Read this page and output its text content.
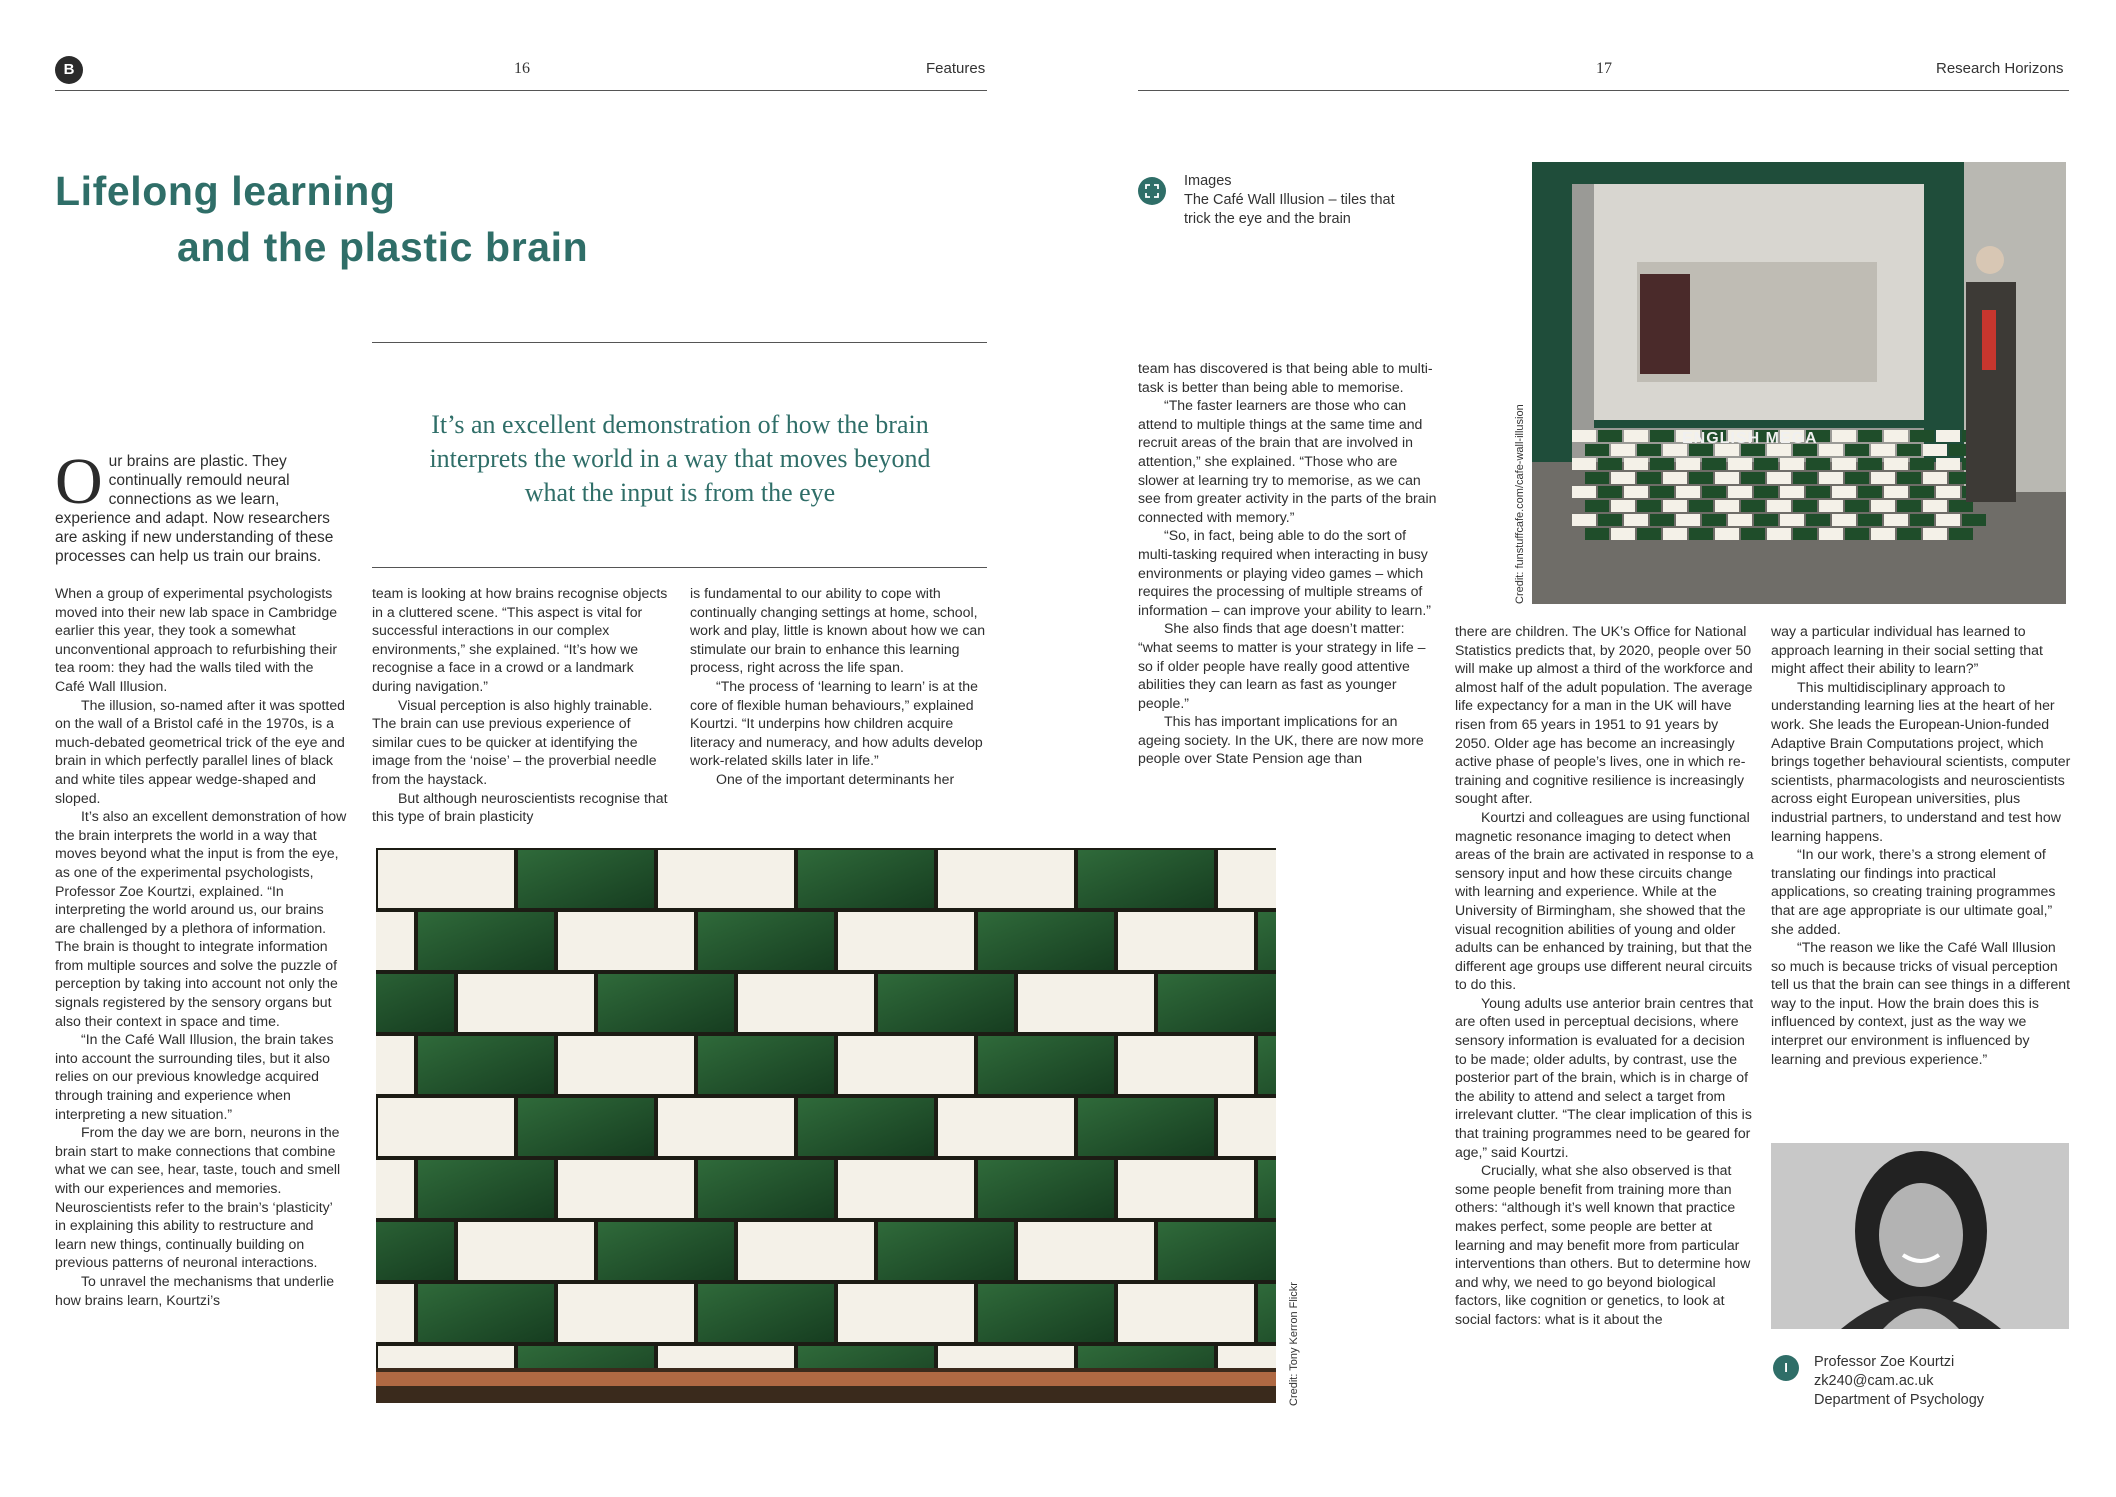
B	16	Features	17	Research Horizons
Lifelong learning
and the plastic brain
It’s an excellent demonstration of how the brain interprets the world in a way that moves beyond what the input is from the eye
O ur brains are plastic. They continually remould neural connections as we learn, experience and adapt. Now researchers are asking if new understanding of these processes can help us train our brains.

When a group of experimental psychologists moved into their new lab space in Cambridge earlier this year, they took a somewhat unconventional approach to refurbishing their tea room: they had the walls tiled with the Café Wall Illusion.

The illusion, so-named after it was spotted on the wall of a Bristol café in the 1970s, is a much-debated geometrical trick of the eye and brain in which perfectly parallel lines of black and white tiles appear wedge-shaped and sloped.

It’s also an excellent demonstration of how the brain interprets the world in a way that moves beyond what the input is from the eye, as one of the experimental psychologists, Professor Zoe Kourtzi, explained. “In interpreting the world around us, our brains are challenged by a plethora of information. The brain is thought to integrate information from multiple sources and solve the puzzle of perception by taking into account not only the signals registered by the sensory organs but also their context in space and time.

“In the Café Wall Illusion, the brain takes into account the surrounding tiles, but it also relies on our previous knowledge acquired through training and experience when interpreting a new situation.”

From the day we are born, neurons in the brain start to make connections that combine what we can see, hear, taste, touch and smell with our experiences and memories. Neuroscientists refer to the brain’s ‘plasticity’ in explaining this ability to restructure and learn new things, continually building on previous patterns of neuronal interactions.

To unravel the mechanisms that underlie how brains learn, Kourtzi’s

team is looking at how brains recognise objects in a cluttered scene. “This aspect is vital for successful interactions in our complex environments,” she explained. “It’s how we recognise a face in a crowd or a landmark during navigation.”

Visual perception is also highly trainable. The brain can use previous experience of similar cues to be quicker at identifying the image from the ‘noise’ – the proverbial needle from the haystack.

But although neuroscientists recognise that this type of brain plasticity

is fundamental to our ability to cope with continually changing settings at home, school, work and play, little is known about how we can stimulate our brain to enhance this learning process, right across the life span.

“The process of ‘learning to learn’ is at the core of flexible human behaviours,” explained Kourtzi. “It underpins how children acquire literacy and numeracy, and how adults develop work-related skills later in life.”

One of the important determinants her

team has discovered is that being able to multi-task is better than being able to memorise.

“The faster learners are those who can attend to multiple things at the same time and recruit areas of the brain that are involved in attention,” she explained. “Those who are slower at learning try to memorise, as we can see from greater activity in the parts of the brain connected with memory.”

“So, in fact, being able to do the sort of multi-tasking required when interacting in busy environments or playing video games – which requires the processing of multiple streams of information – can improve your ability to learn.”

She also finds that age doesn’t matter: “what seems to matter is your strategy in life – so if older people have really good attentive abilities they can learn as fast as younger people.”

This has important implications for an ageing society. In the UK, there are now more people over State Pension age than

there are children. The UK’s Office for National Statistics predicts that, by 2020, people over 50 will make up almost a third of the workforce and almost half of the adult population. The average life expectancy for a man in the UK will have risen from 65 years in 1951 to 91 years by 2050. Older age has become an increasingly active phase of people’s lives, one in which re-training and cognitive resilience is increasingly sought after.

Kourtzi and colleagues are using functional magnetic resonance imaging to detect when areas of the brain are activated in response to a sensory input and how these circuits change with learning and experience. While at the University of Birmingham, she showed that the visual recognition abilities of young and older adults can be enhanced by training, but that the different age groups use different neural circuits to do this.

Young adults use anterior brain centres that are often used in perceptual decisions, where sensory information is evaluated for a decision to be made; older adults, by contrast, use the posterior part of the brain, which is in charge of the ability to attend and select a target from irrelevant clutter. “The clear implication of this is that training programmes need to be geared for age,” said Kourtzi.

Crucially, what she also observed is that some people benefit from training more than others: “although it’s well known that practice makes perfect, some people are better at learning and may benefit more from particular interventions than others. But to determine how and why, we need to go beyond biological factors, like cognition or genetics, to look at social factors: what is it about the

way a particular individual has learned to approach learning in their social setting that might affect their ability to learn?”

This multidisciplinary approach to understanding learning lies at the heart of her work. She leads the European-Union-funded Adaptive Brain Computations project, which brings together behavioural scientists, computer scientists, pharmacologists and neuroscientists across eight European universities, plus industrial partners, to understand and test how learning happens.

“In our work, there’s a strong element of translating our findings into practical applications, so creating training programmes that are age appropriate is our ultimate goal,” she added.

“The reason we like the Café Wall Illusion so much is because tricks of visual perception tell us that the brain can see things in a different way to the input. How the brain does this is influenced by context, just as the way we interpret our environment is influenced by learning and previous experience.”

Credit: Tony Kerron Flickr
ENGLISH MEGA
Credit: funstuffcafe.com/cafe-wall-illusion
Images
The Café Wall Illusion – tiles that trick the eye and the brain
I	Professor Zoe Kourtzi
zk240@cam.ac.uk
Department of Psychology
